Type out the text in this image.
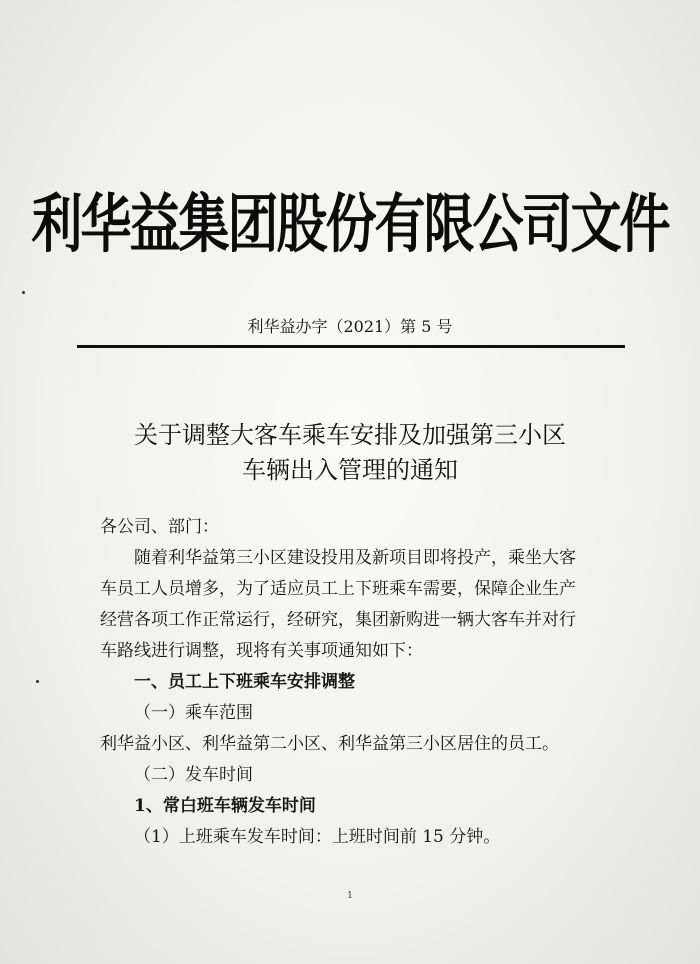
利华益集团股份有限公司文件
利华益办字（2021）第 5 号
关于调整大客车乘车安排及加强第三小区
车辆出入管理的通知
各公司、部门：
随着利华益第三小区建设投用及新项目即将投产，乘坐大客
车员工人员增多，为了适应员工上下班乘车需要，保障企业生产
经营各项工作正常运行，经研究，集团新购进一辆大客车并对行
车路线进行调整，现将有关事项通知如下：
一、员工上下班乘车安排调整
（一）乘车范围
利华益小区、利华益第二小区、利华益第三小区居住的员工。
（二）发车时间
1、常白班车辆发车时间
（1）上班乘车发车时间：上班时间前 15 分钟。
1
